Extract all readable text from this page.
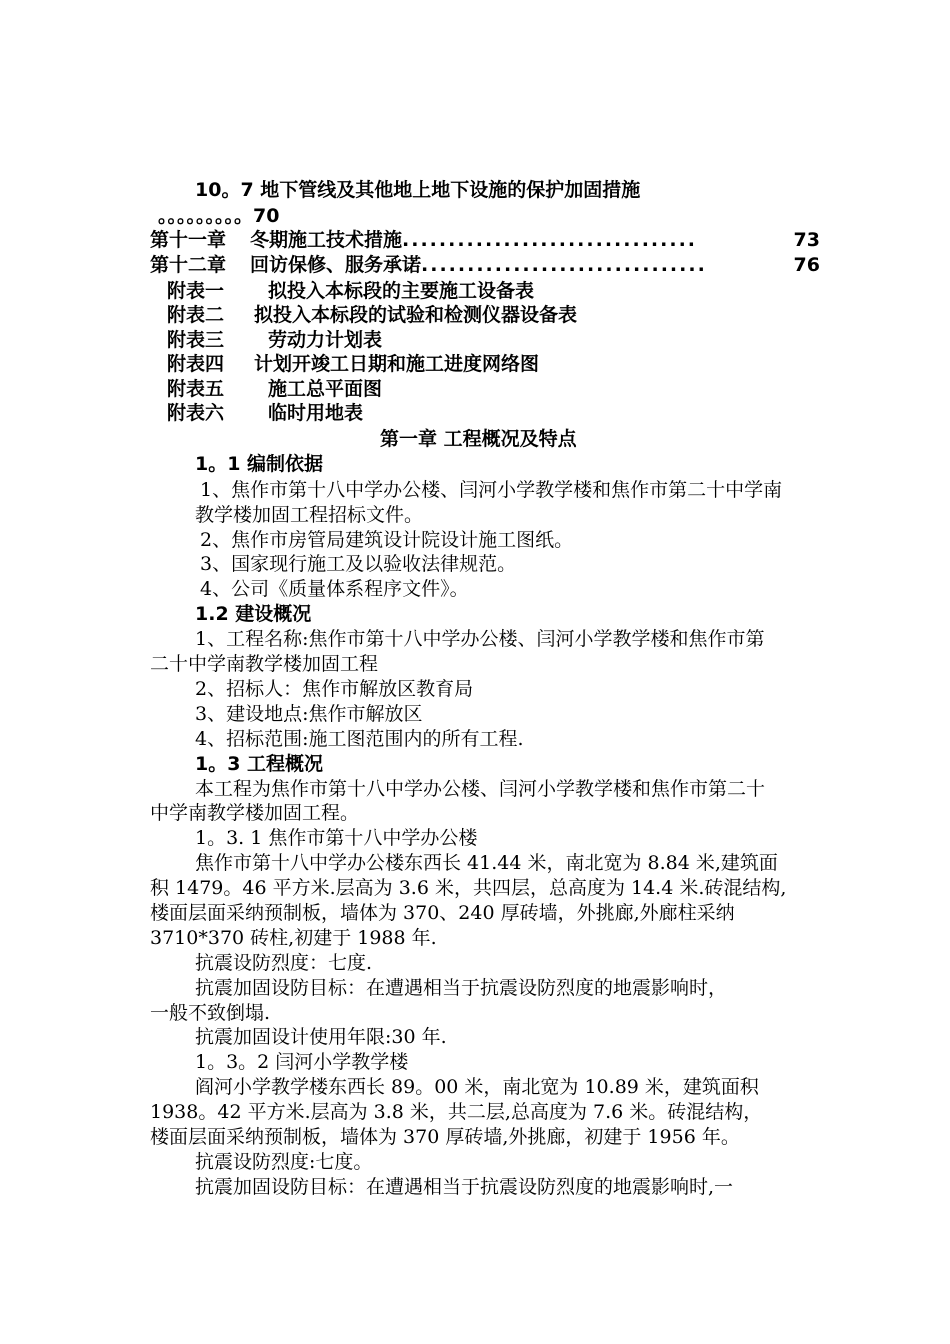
10。7 地下管线及其他地上地下设施的保护加固措施
。。。。。。。。。70
第十一章 冬期施工技术措施 ................................	73
第十二章 回访保修、服务承诺 ...............................	76
附表一 拟投入本标段的主要施工设备表
附表二 拟投入本标段的试验和检测仪器设备表
附表三 劳动力计划表
附表四 计划开竣工日期和施工进度网络图
附表五 施工总平面图
附表六 临时用地表
第一章 工程概况及特点
1。1 编制依据
1、焦作市第十八中学办公楼、闫河小学教学楼和焦作市第二十中学南
教学楼加固工程招标文件。
2、焦作市房管局建筑设计院设计施工图纸。
3、国家现行施工及以验收法律规范。
4、公司《质量体系程序文件》。
1.2 建设概况
1、工程名称:焦作市第十八中学办公楼、闫河小学教学楼和焦作市第
二十中学南教学楼加固工程
2、招标人：焦作市解放区教育局
3、建设地点:焦作市解放区
4、招标范围:施工图范围内的所有工程.
1。3 工程概况
本工程为焦作市第十八中学办公楼、闫河小学教学楼和焦作市第二十
中学南教学楼加固工程。
1。3. 1 焦作市第十八中学办公楼
焦作市第十八中学办公楼东西长 41.44 米，南北宽为 8.84 米,建筑面
积 1479。46 平方米.层高为 3.6 米，共四层，总高度为 14.4 米.砖混结构,
楼面层面采纳预制板，墙体为 370、240 厚砖墙，外挑廊,外廊柱采纳
3710*370 砖柱,初建于 1988 年.
抗震设防烈度：七度.
抗震加固设防目标：在遭遇相当于抗震设防烈度的地震影响时，
一般不致倒塌.
抗震加固设计使用年限:30 年.
1。3。2 闫河小学教学楼
阎河小学教学楼东西长 89。00 米，南北宽为 10.89 米，建筑面积
1938。42 平方米.层高为 3.8 米，共二层,总高度为 7.6 米。砖混结构，
楼面层面采纳预制板，墙体为 370 厚砖墙,外挑廊，初建于 1956 年。
抗震设防烈度:七度。
抗震加固设防目标：在遭遇相当于抗震设防烈度的地震影响时,一
